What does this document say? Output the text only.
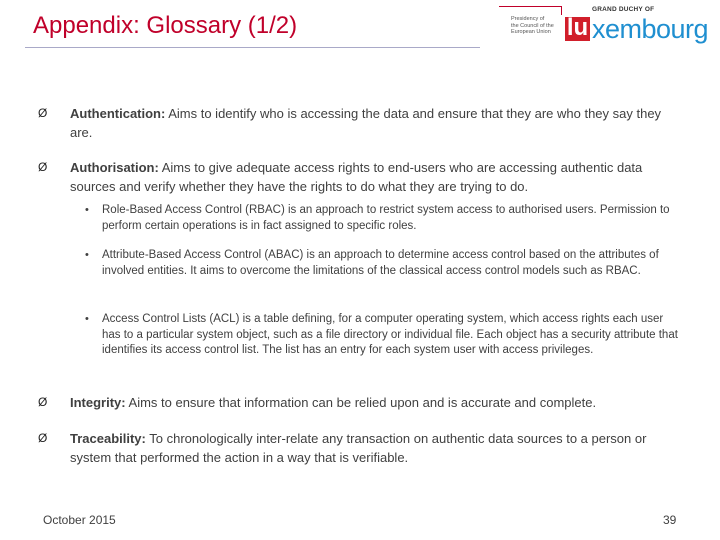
Appendix: Glossary (1/2)	Presidency of
the Council of the
European Union
GRAND DUCHY OF
lu xembourg
Ø Authentication: Aims to identify who is accessing the data and ensure that they are who they say they are.
Ø Authorisation: Aims to give adequate access rights to end-users who are accessing authentic data sources and verify whether they have the rights to do what they are trying to do.
• Role-Based Access Control (RBAC) is an approach to restrict system access to authorised users. Permission to perform certain operations is in fact assigned to specific roles.
• Attribute-Based Access Control (ABAC) is an approach to determine access control based on the attributes of involved entities. It aims to overcome the limitations of the classical access control models such as RBAC.
• Access Control Lists (ACL) is a table defining, for a computer operating system, which access rights each user has to a particular system object, such as a file directory or individual file. Each object has a security attribute that identifies its access control list. The list has an entry for each system user with access privileges.
Ø Integrity: Aims to ensure that information can be relied upon and is accurate and complete.
Ø Traceability: To chronologically inter-relate any transaction on authentic data sources to a person or system that performed the action in a way that is verifiable.
October 2015	39
